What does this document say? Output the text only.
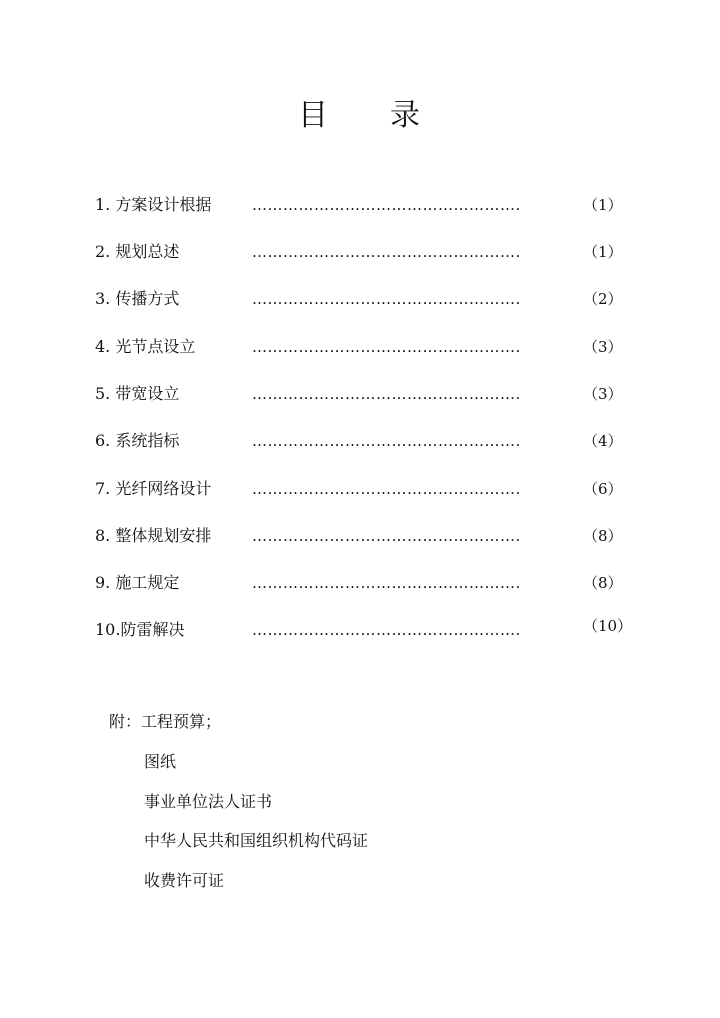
目 录
1. 方案设计根据	…………………………………………….	（1）
2. 规划总述	…………………………………………….	（1）
3. 传播方式	…………………………………………….	（2）
4. 光节点设立	…………………………………………….	（3）
5. 带宽设立	…………………………………………….	（3）
6. 系统指标	…………………………………………….	（4）
7. 光纤网络设计	…………………………………………….	（6）
8. 整体规划安排	…………………………………………….	（8）
9. 施工规定	…………………………………………….	（8）
10.防雷解决	…………………………………………….	（10）
附：工程预算；
图纸
事业单位法人证书
中华人民共和国组织机构代码证
收费许可证
